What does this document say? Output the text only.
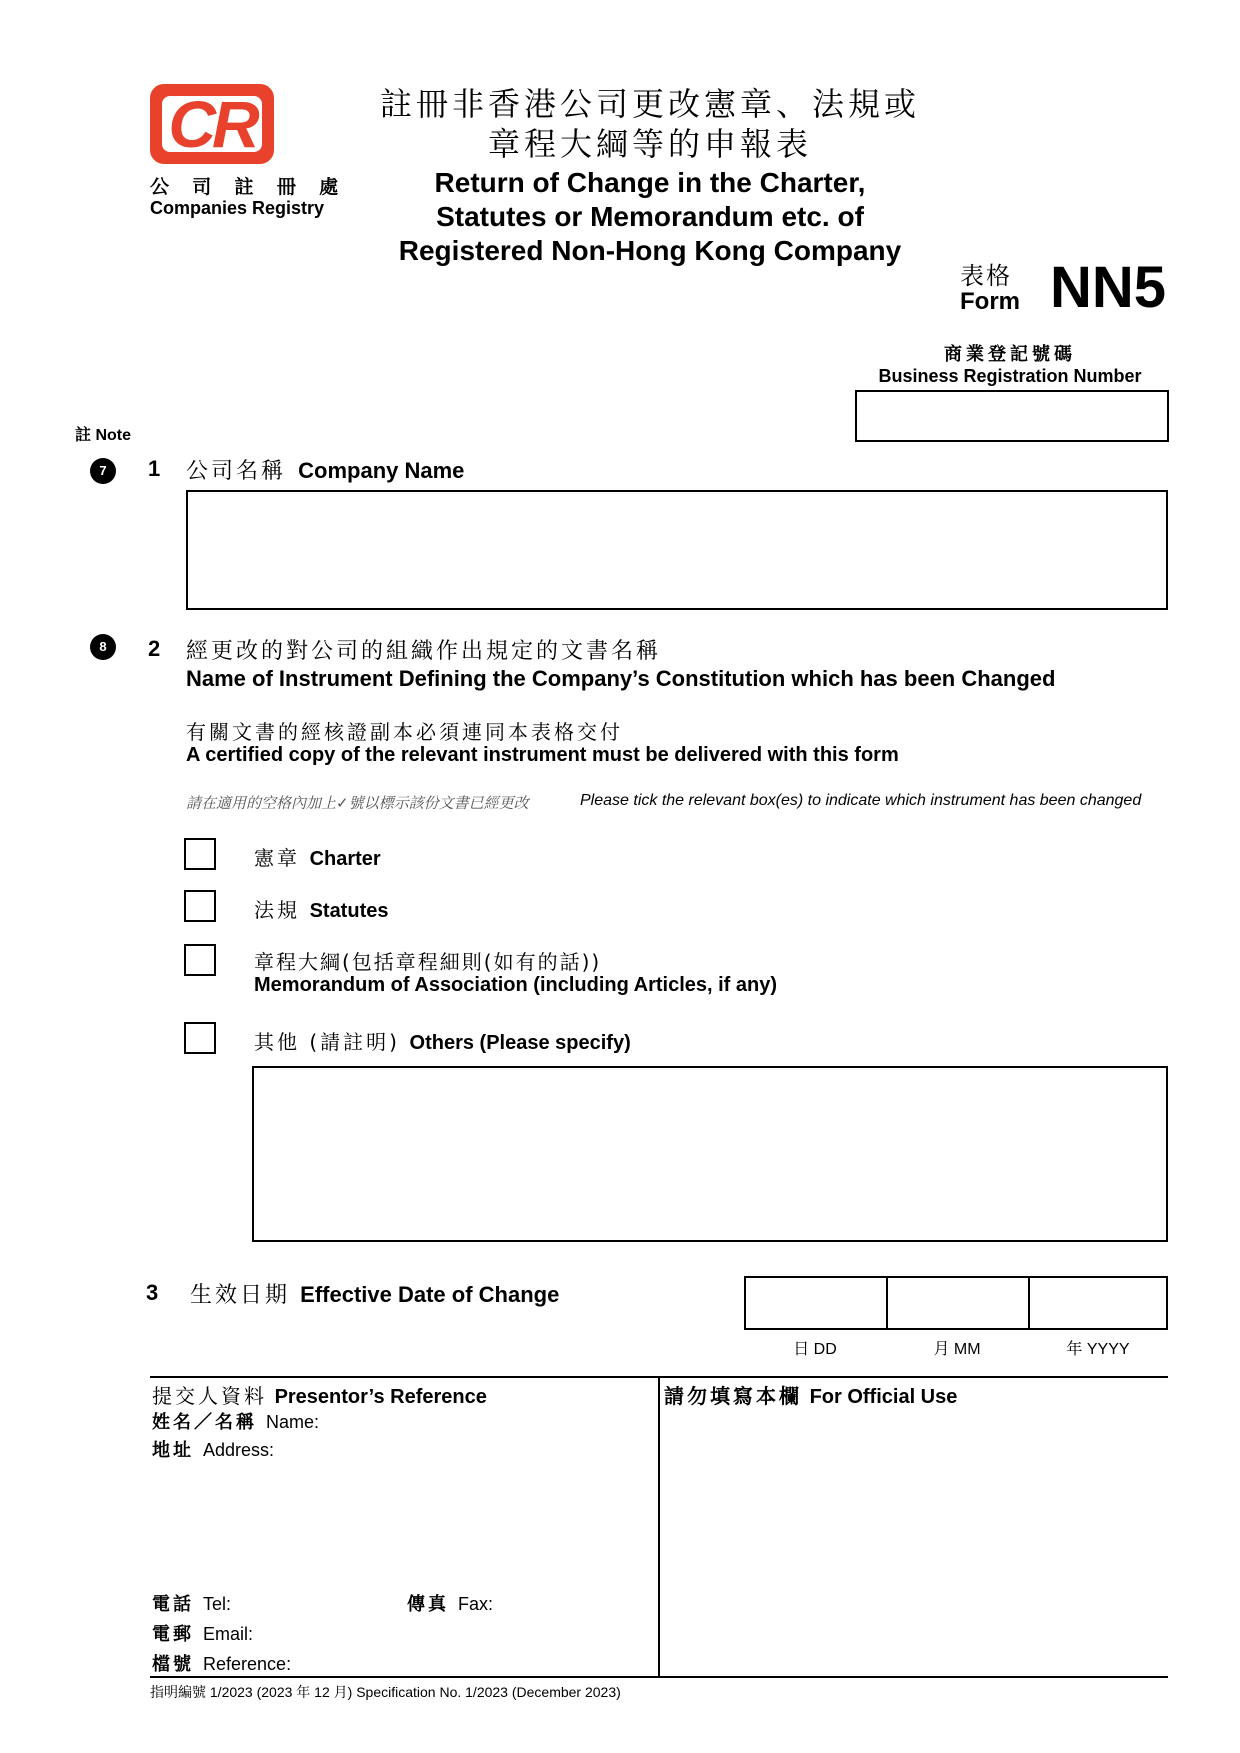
CR
公 司 註 冊 處
Companies Registry
註冊非香港公司更改憲章、法規或
章程大綱等的申報表
Return of Change in the Charter,
Statutes or Memorandum etc. of
Registered Non-Hong Kong Company
表格
Form NN5
商業登記號碼
Business Registration Number
註 Note
7	1 公司名稱 Company Name
8	2 經更改的對公司的組織作出規定的文書名稱
Name of Instrument Defining the Company’s Constitution which has been Changed
有關文書的經核證副本必須連同本表格交付
A certified copy of the relevant instrument must be delivered with this form
請在適用的空格內加上✓號以標示該份文書已經更改	Please tick the relevant box(es) to indicate which instrument has been changed
憲章 Charter
法規 Statutes
章程大綱(包括章程細則(如有的話))
Memorandum of Association (including Articles, if any)
其他 (請註明) Others (Please specify)
3 生效日期 Effective Date of Change
日 DD	月 MM	年 YYYY
提交人資料 Presentor’s Reference
姓名／名稱 Name:
地址 Address:
電話 Tel:	傳真 Fax:
電郵 Email:
檔號 Reference:
請勿填寫本欄 For Official Use
指明編號 1/2023 (2023 年 12 月) Specification No. 1/2023 (December 2023)
